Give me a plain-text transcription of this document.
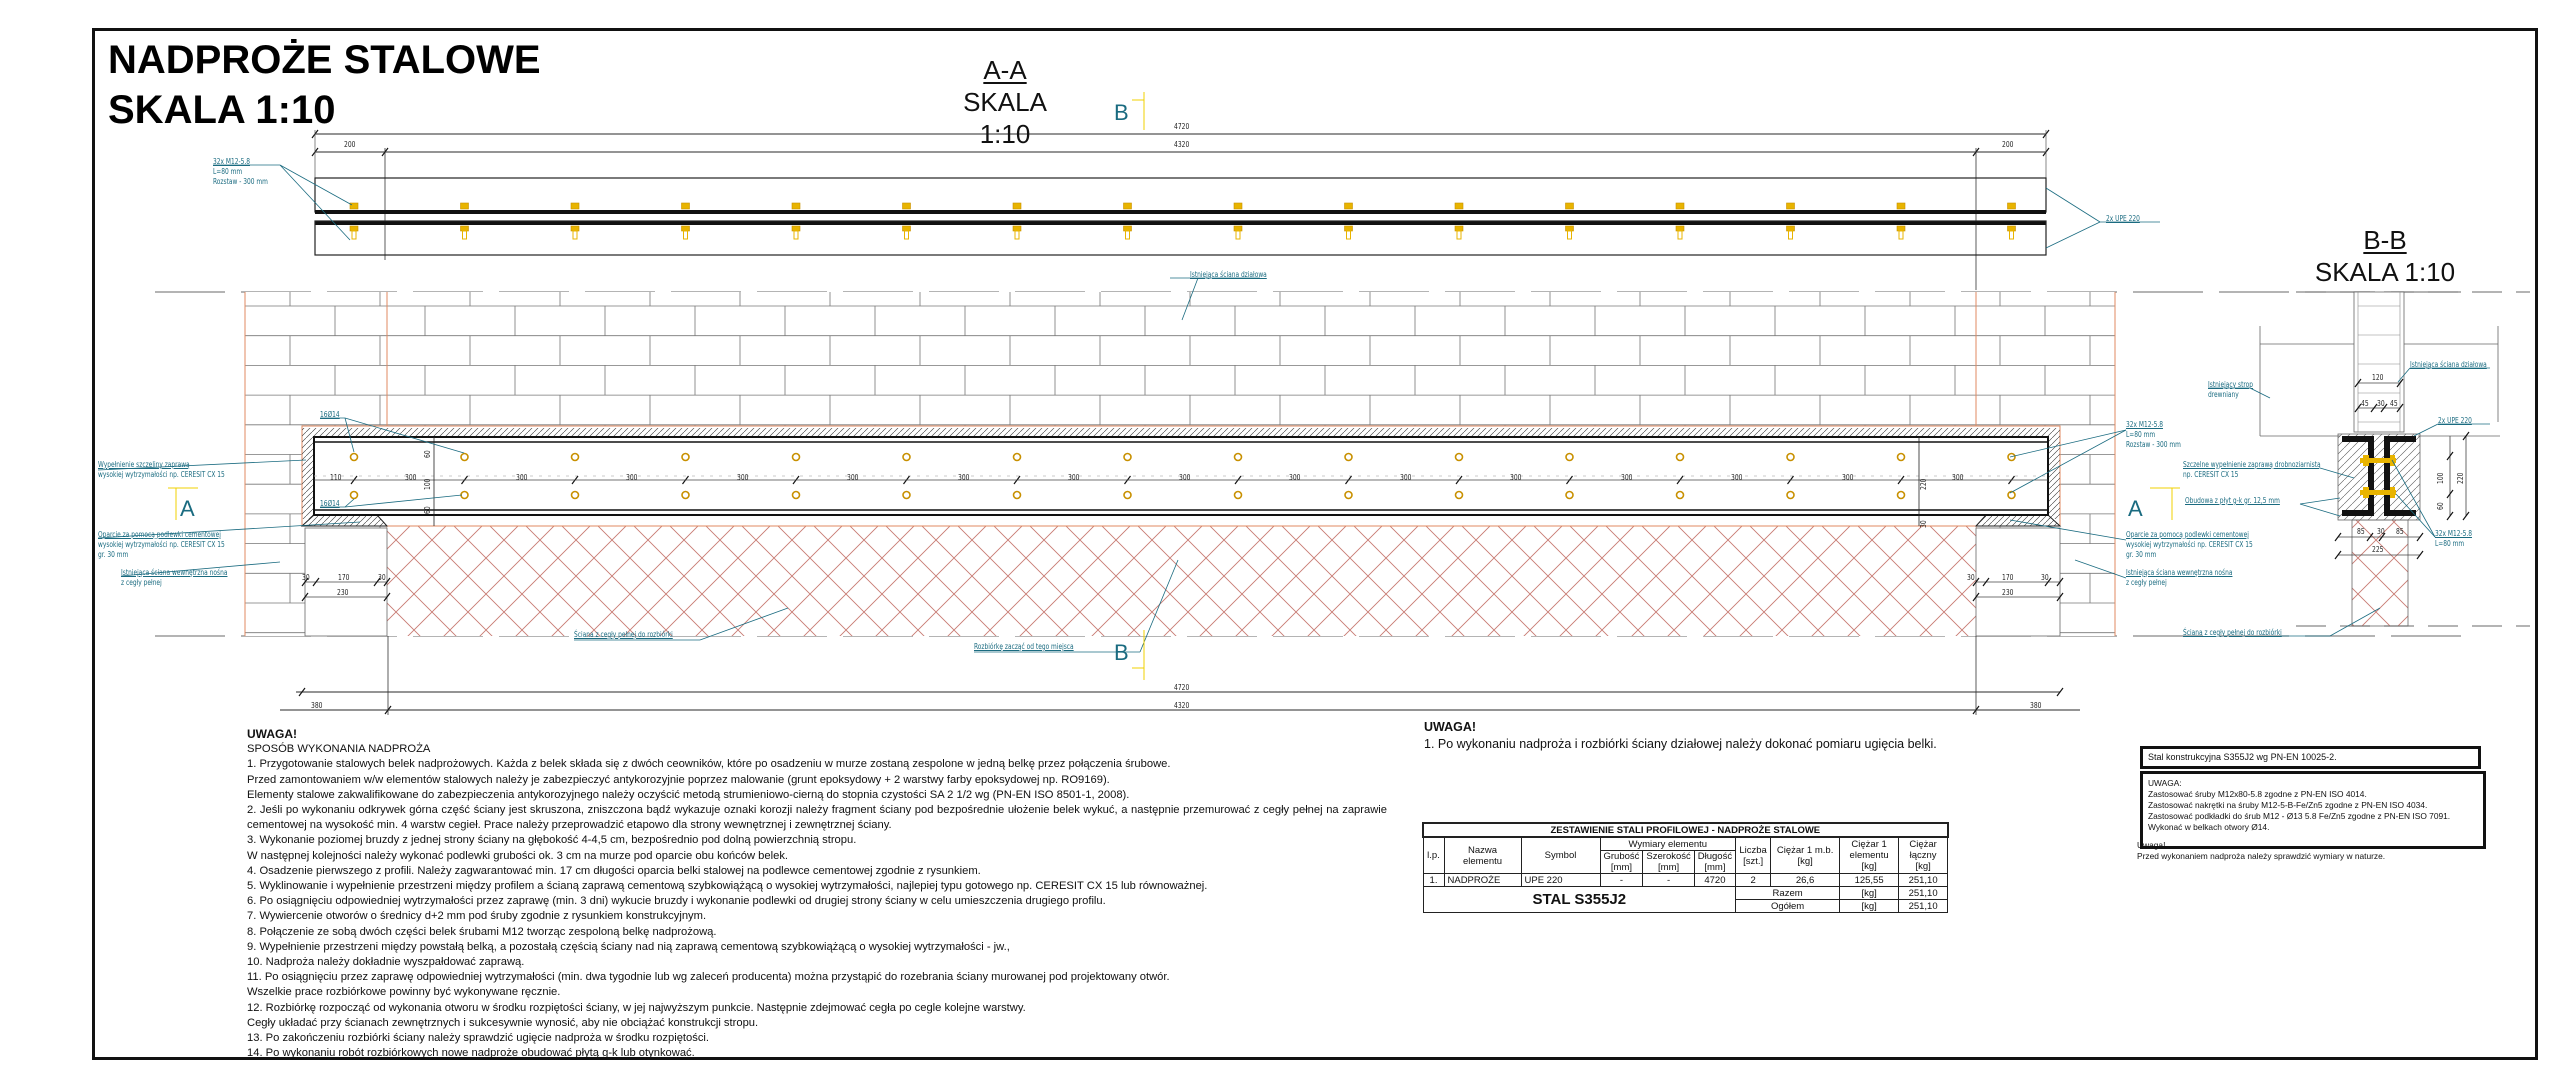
NADPROŻE STALOWE
SKALA 1:10
A-A
SKALA 1:10
B-B
SKALA 1:10
B
B
A	A
4720
4320
200	200
32x M12-5.8
L=80 mm
Rozstaw - 300 mm
2x UPE 220
Istniejąca ściana działowa
16Ø14
16Ø14
Wypełnienie szczeliny zaprawą
wysokiej wytrzymałości np. CERESIT CX 15
Oparcie za pomocą podlewki cementowej
wysokiej wytrzymałości np. CERESIT CX 15
gr. 30 mm
Istniejąca ściana wewnętrzna nośna
z cegły pełnej
32x M12-5.8
L=80 mm
Rozstaw - 300 mm
Oparcie za pomocą podlewki cementowej
wysokiej wytrzymałości np. CERESIT CX 15
gr. 30 mm
Istniejąca ściana wewnętrzna nośna
z cegły pełnej
Ściana z cegły pełnej do rozbiórki
Rozbiórkę zacząć od tego miejsca
110	300	300	300	300	300	300	300	300	300	300	300	300	300	300	300
60
100
60
220
30
30	170	30
230
30	170	30
230
4720
4320
380	380
Istniejąca ściana działowa
Istniejący strop
drewniany
2x UPE 220
Szczelne wypełnienie zaprawą drobnoziarnistą
np. CERESIT CX 15
Obudowa z płyt g-k gr. 12,5 mm
32x M12-5.8
L=80 mm
Ściana z cegły pełnej do rozbiórki
120
45 30 45
100
60
220
85 30 85
225
UWAGA!
SPOSÓB WYKONANIA NADPROŻA
1. Przygotowanie stalowych belek nadprożowych. Każda z belek składa się z dwóch ceowników, które po osadzeniu w murze zostaną zespolone w jedną belkę przez połączenia śrubowe.
Przed zamontowaniem w/w elementów stalowych należy je zabezpieczyć antykorozyjnie poprzez malowanie (grunt epoksydowy + 2 warstwy farby epoksydowej np. RO9169).
Elementy stalowe zakwalifikowane do zabezpieczenia antykorozyjnego należy oczyścić metodą strumieniowo-cierną do stopnia czystości SA 2 1/2 wg (PN-EN ISO 8501-1, 2008).
2. Jeśli po wykonaniu odkrywek górna część ściany jest skruszona, zniszczona bądź wykazuje oznaki korozji należy fragment ściany pod bezpośrednie ułożenie belek wykuć, a następnie przemurować z cegły pełnej na zaprawie cementowej na wysokość min. 4 warstw cegieł. Prace należy przeprowadzić etapowo dla strony wewnętrznej i zewnętrznej ściany.
3. Wykonanie poziomej bruzdy z jednej strony ściany na głębokość 4-4,5 cm, bezpośrednio pod dolną powierzchnią stropu.
W następnej kolejności należy wykonać podlewki grubości ok. 3 cm na murze pod oparcie obu końców belek.
4. Osadzenie pierwszego z profili. Należy zagwarantować min. 17 cm długości oparcia belki stalowej na podlewce cementowej zgodnie z rysunkiem.
5. Wyklinowanie i wypełnienie przestrzeni między profilem a ścianą zaprawą cementową szybkowiążącą o wysokiej wytrzymałości, najlepiej typu gotowego np. CERESIT CX 15 lub równoważnej.
6. Po osiągnięciu odpowiedniej wytrzymałości przez zaprawę (min. 3 dni) wykucie bruzdy i wykonanie podlewki od drugiej strony ściany w celu umieszczenia drugiego profilu.
7. Wywiercenie otworów o średnicy d+2 mm pod śruby zgodnie z rysunkiem konstrukcyjnym.
8. Połączenie ze sobą dwóch części belek śrubami M12 tworząc zespoloną belkę nadprożową.
9. Wypełnienie przestrzeni między powstałą belką, a pozostałą częścią ściany nad nią zaprawą cementową szybkowiążącą o wysokiej wytrzymałości - jw.,
10. Nadproża należy dokładnie wyszpałdować zaprawą.
11. Po osiągnięciu przez zaprawę odpowiedniej wytrzymałości (min. dwa tygodnie lub wg zaleceń producenta) można przystąpić do rozebrania ściany murowanej pod projektowany otwór.
Wszelkie prace rozbiórkowe powinny być wykonywane ręcznie.
12. Rozbiórkę rozpocząć od wykonania otworu w środku rozpiętości ściany, w jej najwyższym punkcie. Następnie zdejmować cegła po cegle kolejne warstwy.
Cegły układać przy ścianach zewnętrznych i sukcesywnie wynosić, aby nie obciążać konstrukcji stropu.
13. Po zakończeniu rozbiórki ściany należy sprawdzić ugięcie nadproża w środku rozpiętości.
14. Po wykonaniu robót rozbiórkowych nowe nadproże obudować płytą g-k lub otynkować.
UWAGA!
1. Po wykonaniu nadproża i rozbiórki ściany działowej należy dokonać pomiaru ugięcia belki.
ZESTAWIENIE STALI PROFILOWEJ - NADPROŻE STALOWE									
l.p.	Nazwa elementu	Symbol	Wymiary elementu			Liczba [szt.]	Ciężar 1 m.b. [kg]	Ciężar 1 elementu [kg]	Ciężar łączny [kg]
			Grubość [mm]	Szerokość [mm]	Długość [mm]				
1.	NADPROŻE	UPE 220	-	-	4720	2	26,6	125,55	251,10
STAL S355J2						Razem		[kg]	251,10
						Ogółem		[kg]	251,10
Stal konstrukcyjna S355J2 wg PN-EN 10025-2.
UWAGA:
Zastosować śruby M12x80-5.8 zgodne z PN-EN ISO 4014.
Zastosować nakrętki na śruby M12-5-B-Fe/Zn5 zgodne z PN-EN ISO 4034.
Zastosować podkładki do śrub M12 - Ø13 5.8 Fe/Zn5 zgodne z PN-EN ISO 7091.
Wykonać w belkach otwory Ø14.
Uwaga!
Przed wykonaniem nadproża należy sprawdzić wymiary w naturze.
